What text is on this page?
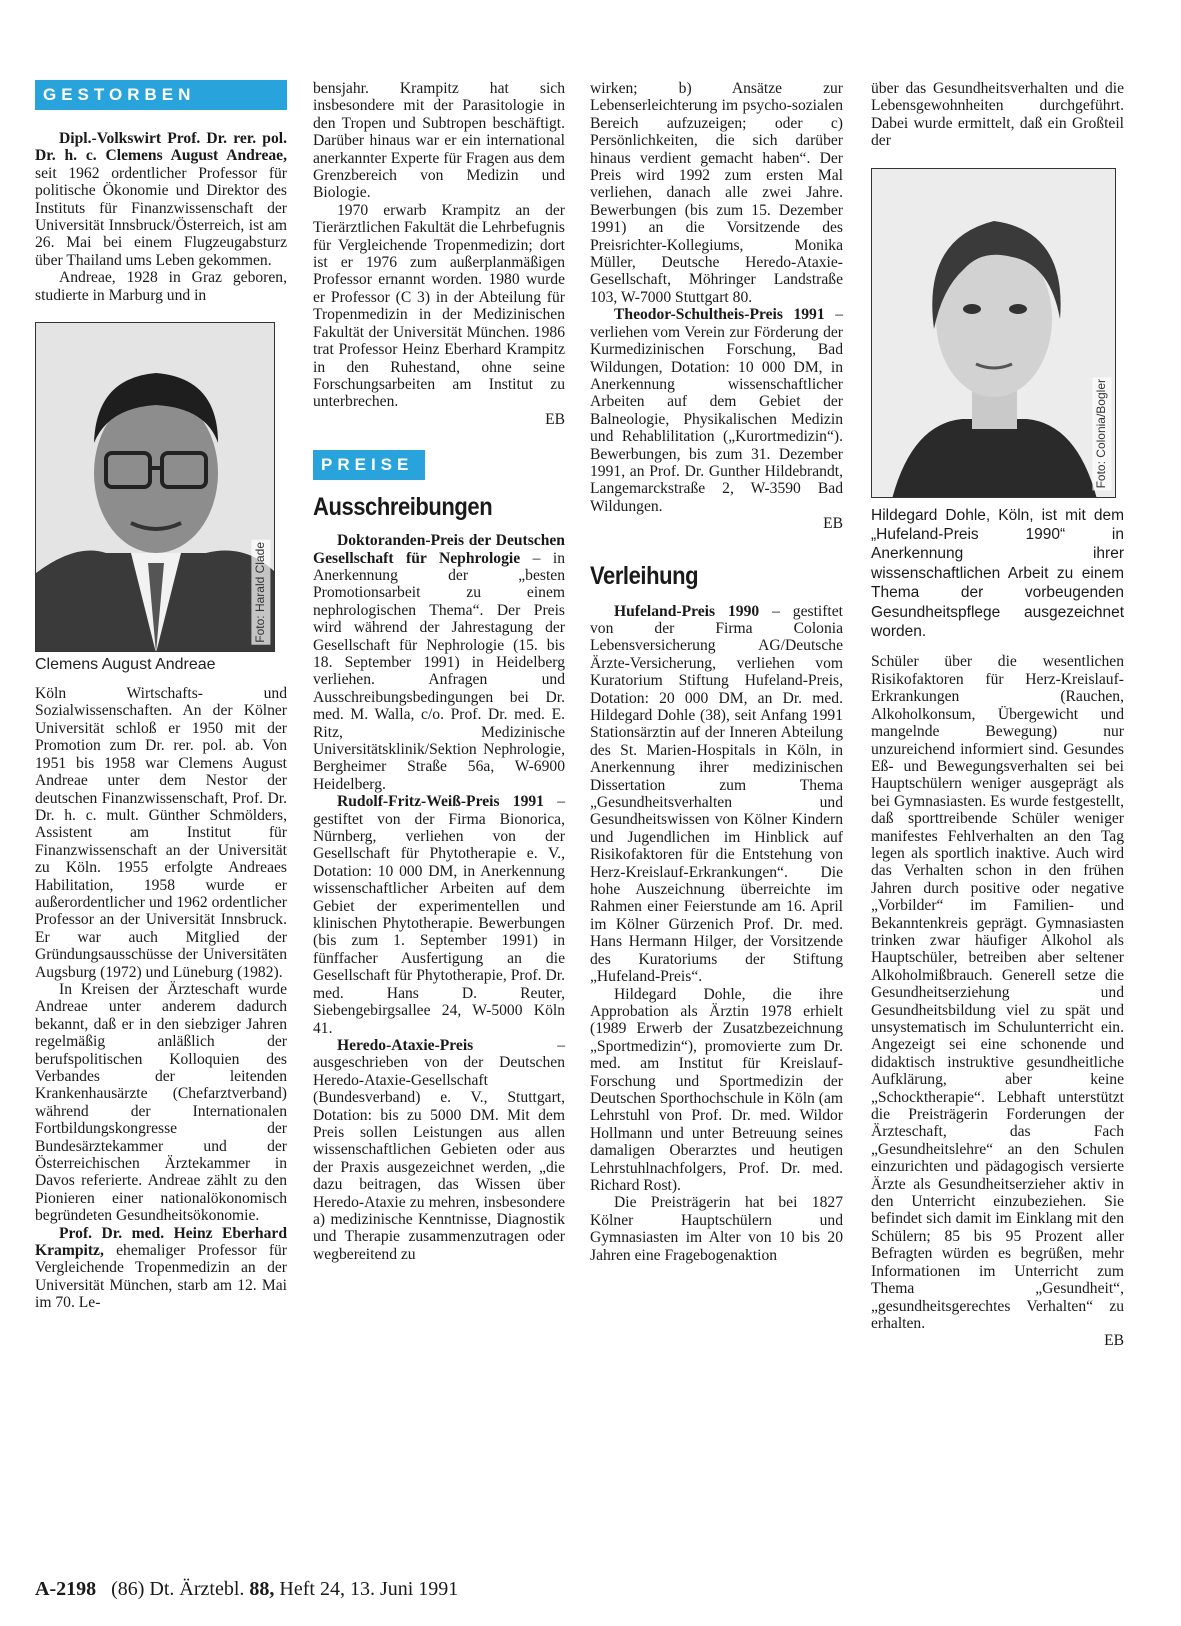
GESTORBEN

Dipl.-Volkswirt Prof. Dr. rer. pol. Dr. h. c. Clemens August Andreae, seit 1962 ordentlicher Professor für politische Ökonomie und Direktor des Instituts für Finanzwissenschaft der Universität Innsbruck/Österreich, ist am 26. Mai bei einem Flugzeugabsturz über Thailand ums Leben gekommen.

Andreae, 1928 in Graz geboren, studierte in Marburg und in

Foto: Harald Clade
Clemens August Andreae

Köln Wirtschafts- und Sozialwissenschaften. An der Kölner Universität schloß er 1950 mit der Promotion zum Dr. rer. pol. ab. Von 1951 bis 1958 war Clemens August Andreae unter dem Nestor der deutschen Finanzwissenschaft, Prof. Dr. Dr. h. c. mult. Günther Schmölders, Assistent am Institut für Finanzwissenschaft an der Universität zu Köln. 1955 erfolgte Andreaes Habilitation, 1958 wurde er außerordentlicher und 1962 ordentlicher Professor an der Universität Innsbruck. Er war auch Mitglied der Gründungsausschüsse der Universitäten Augsburg (1972) und Lüneburg (1982).

In Kreisen der Ärzteschaft wurde Andreae unter anderem dadurch bekannt, daß er in den siebziger Jahren regelmäßig anläßlich der berufspolitischen Kolloquien des Verbandes der leitenden Krankenhausärzte (Chefarztverband) während der Internationalen Fortbildungskongresse der Bundesärztekammer und der Österreichischen Ärztekammer in Davos referierte. Andreae zählt zu den Pionieren einer nationalökonomisch begründeten Gesundheitsökonomie.

Prof. Dr. med. Heinz Eberhard Krampitz, ehemaliger Professor für Vergleichende Tropenmedizin an der Universität München, starb am 12. Mai im 70. Le-

bensjahr. Krampitz hat sich insbesondere mit der Parasitologie in den Tropen und Subtropen beschäftigt. Darüber hinaus war er ein international anerkannter Experte für Fragen aus dem Grenzbereich von Medizin und Biologie.

1970 erwarb Krampitz an der Tierärztlichen Fakultät die Lehrbefugnis für Vergleichende Tropenmedizin; dort ist er 1976 zum außerplanmäßigen Professor ernannt worden. 1980 wurde er Professor (C 3) in der Abteilung für Tropenmedizin in der Medizinischen Fakultät der Universität München. 1986 trat Professor Heinz Eberhard Krampitz in den Ruhestand, ohne seine Forschungsarbeiten am Institut zu unterbrechen.

EB

PREISE
Ausschreibungen

Doktoranden-Preis der Deutschen Gesellschaft für Nephrologie – in Anerkennung der „besten Promotionsarbeit zu einem nephrologischen Thema“. Der Preis wird während der Jahrestagung der Gesellschaft für Nephrologie (15. bis 18. September 1991) in Heidelberg verliehen. Anfragen und Ausschreibungsbedingungen bei Dr. med. M. Walla, c/o. Prof. Dr. med. E. Ritz, Medizinische Universitätsklinik/Sektion Nephrologie, Bergheimer Straße 56a, W-6900 Heidelberg.

Rudolf-Fritz-Weiß-Preis 1991 – gestiftet von der Firma Bionorica, Nürnberg, verliehen von der Gesellschaft für Phytotherapie e. V., Dotation: 10 000 DM, in Anerkennung wissenschaftlicher Arbeiten auf dem Gebiet der experimentellen und klinischen Phytotherapie. Bewerbungen (bis zum 1. September 1991) in fünffacher Ausfertigung an die Gesellschaft für Phytotherapie, Prof. Dr. med. Hans D. Reuter, Siebengebirgsallee 24, W-5000 Köln 41.

Heredo-Ataxie-Preis – ausgeschrieben von der Deutschen Heredo-Ataxie-Gesellschaft (Bundesverband) e. V., Stuttgart, Dotation: bis zu 5000 DM. Mit dem Preis sollen Leistungen aus allen wissenschaftlichen Gebieten oder aus der Praxis ausgezeichnet werden, „die dazu beitragen, das Wissen über Heredo-Ataxie zu mehren, insbesondere a) medizinische Kenntnisse, Diagnostik und Therapie zusammenzutragen oder wegbereitend zu

wirken; b) Ansätze zur Lebenserleichterung im psycho-sozialen Bereich aufzuzeigen; oder c) Persönlichkeiten, die sich darüber hinaus verdient gemacht haben“. Der Preis wird 1992 zum ersten Mal verliehen, danach alle zwei Jahre. Bewerbungen (bis zum 15. Dezember 1991) an die Vorsitzende des Preisrichter-Kollegiums, Monika Müller, Deutsche Heredo-Ataxie-Gesellschaft, Möhringer Landstraße 103, W-7000 Stuttgart 80.

Theodor-Schultheis-Preis 1991 – verliehen vom Verein zur Förderung der Kurmedizinischen Forschung, Bad Wildungen, Dotation: 10 000 DM, in Anerkennung wissenschaftlicher Arbeiten auf dem Gebiet der Balneologie, Physikalischen Medizin und Rehablilitation („Kurortmedizin“). Bewerbungen, bis zum 31. Dezember 1991, an Prof. Dr. Gunther Hildebrandt, Langemarckstraße 2, W-3590 Bad Wildungen.

EB

Verleihung

Hufeland-Preis 1990 – gestiftet von der Firma Colonia Lebensversicherung AG/Deutsche Ärzte-Versicherung, verliehen vom Kuratorium Stiftung Hufeland-Preis, Dotation: 20 000 DM, an Dr. med. Hildegard Dohle (38), seit Anfang 1991 Stationsärztin auf der Inneren Abteilung des St. Marien-Hospitals in Köln, in Anerkennung ihrer medizinischen Dissertation zum Thema „Gesundheitsverhalten und Gesundheitswissen von Kölner Kindern und Jugendlichen im Hinblick auf Risikofaktoren für die Entstehung von Herz-Kreislauf-Erkrankungen“. Die hohe Auszeichnung überreichte im Rahmen einer Feierstunde am 16. April im Kölner Gürzenich Prof. Dr. med. Hans Hermann Hilger, der Vorsitzende des Kuratoriums der Stiftung „Hufeland-Preis“.

Hildegard Dohle, die ihre Approbation als Ärztin 1978 erhielt (1989 Erwerb der Zusatzbezeichnung „Sportmedizin“), promovierte zum Dr. med. am Institut für Kreislauf-Forschung und Sportmedizin der Deutschen Sporthochschule in Köln (am Lehrstuhl von Prof. Dr. med. Wildor Hollmann und unter Betreuung seines damaligen Oberarztes und heutigen Lehrstuhlnachfolgers, Prof. Dr. med. Richard Rost).

Die Preisträgerin hat bei 1827 Kölner Hauptschülern und Gymnasiasten im Alter von 10 bis 20 Jahren eine Fragebogenaktion

über das Gesundheitsverhalten und die Lebensgewohnheiten durchgeführt. Dabei wurde ermittelt, daß ein Großteil der

Foto: Colonia/Bogler
Hildegard Dohle, Köln, ist mit dem „Hufeland-Preis 1990“ in Anerkennung ihrer wissenschaftlichen Arbeit zu einem Thema der vorbeugenden Gesundheitspflege ausgezeichnet worden.

Schüler über die wesentlichen Risikofaktoren für Herz-Kreislauf-Erkrankungen (Rauchen, Alkoholkonsum, Übergewicht und mangelnde Bewegung) nur unzureichend informiert sind. Gesundes Eß- und Bewegungsverhalten sei bei Hauptschülern weniger ausgeprägt als bei Gymnasiasten. Es wurde festgestellt, daß sporttreibende Schüler weniger manifestes Fehlverhalten an den Tag legen als sportlich inaktive. Auch wird das Verhalten schon in den frühen Jahren durch positive oder negative „Vorbilder“ im Familien- und Bekanntenkreis geprägt. Gymnasiasten trinken zwar häufiger Alkohol als Hauptschüler, betreiben aber seltener Alkoholmißbrauch. Generell setze die Gesundheitserziehung und Gesundheitsbildung viel zu spät und unsystematisch im Schulunterricht ein. Angezeigt sei eine schonende und didaktisch instruktive gesundheitliche Aufklärung, aber keine „Schocktherapie“. Lebhaft unterstützt die Preisträgerin Forderungen der Ärzteschaft, das Fach „Gesundheitslehre“ an den Schulen einzurichten und pädagogisch versierte Ärzte als Gesundheitserzieher aktiv in den Unterricht einzubeziehen. Sie befindet sich damit im Einklang mit den Schülern; 85 bis 95 Prozent aller Befragten würden es begrüßen, mehr Informationen im Unterricht zum Thema „Gesundheit“, „gesundheitsgerechtes Verhalten“ zu erhalten.

EB

A-2198 (86) Dt. Ärztebl. 88, Heft 24, 13. Juni 1991
